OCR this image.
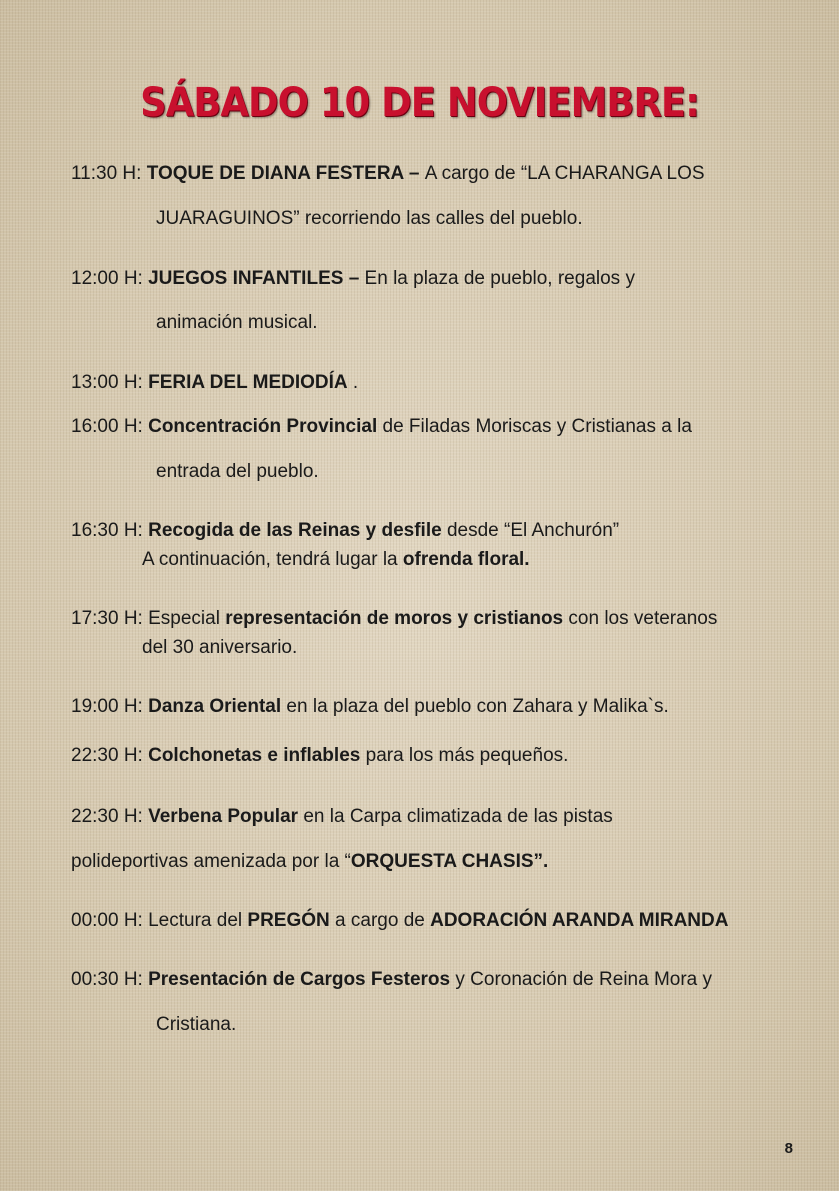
SÁBADO 10 DE NOVIEMBRE:
11:30 H: TOQUE DE DIANA FESTERA – A cargo de “LA CHARANGA LOS
JUARAGUINOS” recorriendo las calles del pueblo.
12:00 H: JUEGOS INFANTILES – En la plaza de pueblo, regalos y
animación musical.
13:00 H: FERIA DEL MEDIODÍA .
16:00 H: Concentración Provincial de Filadas Moriscas y Cristianas a la
entrada del pueblo.
16:30 H: Recogida de las Reinas y desfile desde “El Anchurón”
A continuación, tendrá lugar la ofrenda floral.
17:30 H: Especial representación de moros y cristianos con los veteranos
del 30 aniversario.
19:00 H: Danza Oriental en la plaza del pueblo con Zahara y Malika`s.
22:30 H: Colchonetas e inflables para los más pequeños.
22:30 H: Verbena Popular en la Carpa climatizada de las pistas
polideportivas amenizada por la “ORQUESTA CHASIS”.
00:00 H: Lectura del PREGÓN a cargo de ADORACIÓN ARANDA MIRANDA
00:30 H: Presentación de Cargos Festeros y Coronación de Reina Mora y
Cristiana.
8
